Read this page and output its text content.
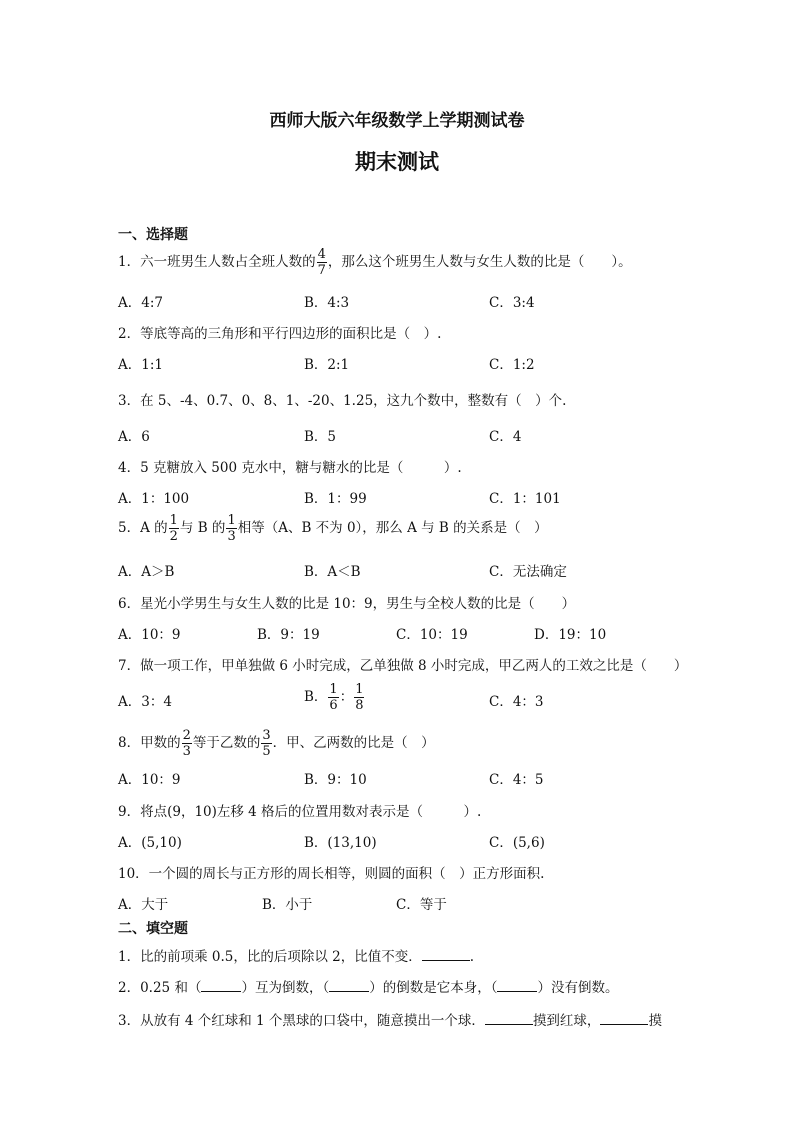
西师大版六年级数学上学期测试卷
期末测试
一、选择题
1．六一班男生人数占全班人数的 $\frac{4}{7}$ ，那么这个班男生人数与女生人数的比是（　　）。
A．4:7	B．4:3	C．3:4
2．等底等高的三角形和平行四边形的面积比是（　）.
A．1:1	B．2:1	C．1:2
3．在 5、-4、0.7、0、8、1、-20、1.25，这九个数中，整数有（　）个.
A．6	B．5	C．4
4．5 克糖放入 500 克水中，糖与糖水的比是（　　　）.
A．1：100	B．1：99	C．1：101
5．A 的 $\frac{1}{2}$ 与 B 的 $\frac{1}{3}$ 相等（A、B 不为 0），那么 A 与 B 的关系是（　）
A．A＞B	B．A＜B	C．无法确定
6．星光小学男生与女生人数的比是 10：9，男生与全校人数的比是（　　）
A．10：9	B．9：19	C．10：19	D．19：10
7．做一项工作，甲单独做 6 小时完成，乙单独做 8 小时完成，甲乙两人的工效之比是（　　）
A．3：4	B． $\frac{1}{6}$ ： $\frac{1}{8}$	C．4：3
8．甲数的 $\frac{2}{3}$ 等于乙数的 $\frac{3}{5}$ ．甲、乙两数的比是（　）
A．10：9	B．9：10	C．4：5
9．将点(9，10)左移 4 格后的位置用数对表示是（　　　）.
A．(5,10)	B．(13,10)	C．(5,6)
10．一个圆的周长与正方形的周长相等，则圆的面积（　）正方形面积.
A．大于	B．小于	C．等于
二、填空题
1．比的前项乘 0.5，比的后项除以 2，比值不变．	.
2．0.25 和（	）互为倒数，（	）的倒数是它本身，（	）没有倒数。
3．从放有 4 个红球和 1 个黑球的口袋中，随意摸出一个球．	摸到红球，	摸
